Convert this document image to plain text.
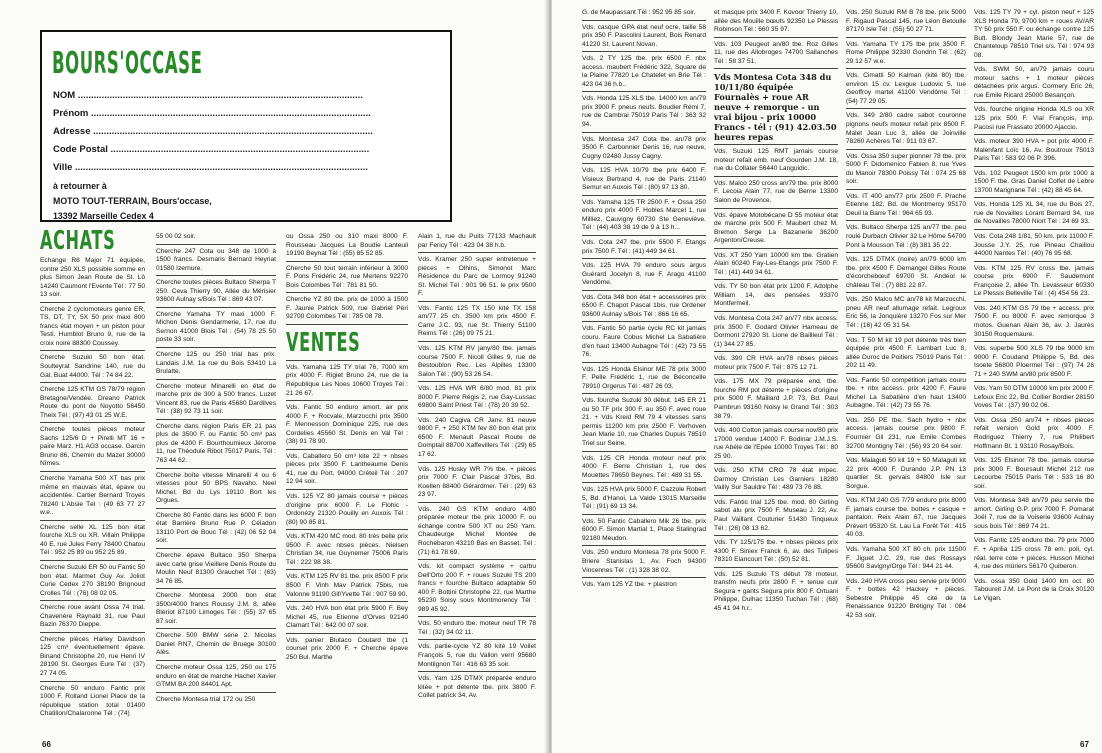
BOURS'OCCASE
NOM ............................................................................................................
Prénom ..........................................................................................................
Adresse ..........................................................................................................
Code Postal ..................................................................................................
Ville ...............................................................................................................
à retourner à
MOTO TOUT-TERRAIN, Bours'occase,
13392 Marseille Cedex 4
ACHATS
Echange R8 Major 71 équipée, contre 250 XLS possible somme en plus Simon Jean Route de St. Lô 14240 Caumont l'Evente Tél : 77 50 13 soir.
Cherche 2 cyclomoteurs genre ER, TS, DT, TY, 5X 50 prix maxi 800 francs état moyen + un piston pour Testi. Humblot Bruno 9, rue de la croix noire 88300 Coussey.
Cherche Suzuki 50 bon état. Soulteyrat Sandrine 140, rue du Gal. Buat 44000. Tél : 74 84 22.
Cherche 125 KTM GS 78/79 région Bretagne/Vendée. Dreano Patrick Route du pont de Noyotto 56450 Theix Tél : (97) 43 01 25 W.E.
Cherche toutes pièces moteur Sachs 125/6 D + Pirelli MT 16 + paire Marz. H1 AG3 occase. Garcin Bruno 86, Chemin du Mazet 30000 Nîmes.
Cherche Yamaha 500 XT bas prix même en mauvais état, épave ou accidentée. Cartier Bernard Troyes 78240 L'Absie Tél : (49 63 77 27 w.e..
Cherche selle XL 125 bon état fourche XLS ou XR. Villain Philippe 40 E, rue Jules Ferry 78400 Chatou Tél : 952 25 89 ou 952 25 89.
Cherche Suzuki ER 50 ou Fantic 50 bon état. Marmet Guy Av. Joliot Curie Cedex 270 38190 Brignoud Crolles Tél : (76) 08 02 05.
Cherche roue avant Ossa 74 trial. Chavenère Raynald 31, rue Paul Bazin 76370 Dieppe.
Cherche pièces Harley Davidson 125 cm³ éventuellement épave. Binand Christophe 20, rue Henri IV 28190 St. Georges Eure Tél : (37) 27 74 05.
Cherche 50 enduro Fantic prix 1000 F. Rolland Lionel Place de la république station total 01400 Chatillon/Chalaronne Tél : (74)
55 00 02 soir.
Cherche 247 Cota ou 348 de 1000 à 1500 francs. Desmaris Bernard Heyriat 01580 Izernure.
Cherche toutes pièces Bultaco Sherpa T 250. Ceva Thierry 90, Allée du Mérisier 93600 Aulnay s/Bois Tél : 869 43 07.
Cherche Yamaha TY maxi 1000 F. Michon Denis Gendarmerie, 17, rue du Sernon 41000 Blois Tél : (54) 78 25 50 poste 33 soir.
Cherche 125 ou 250 trial bas prix. Landais J.M. 1a rue du Bois 53410 La Brulatte.
Cherche moteur Minarelli en état de marche prix de 300 à 500 francs. Luzet Vincent 83, rue de Paris 45680 Dardilves Tél : (38) 92 73 11 soir.
Cherche dans région Paris ER 21 pas plus de 3500 F. ou Fantic 50 cm³ pas plus de 4200 F. Bourthoumieux Jérome 11, rue Théodule Ribot 75017 Paris. Tél : 763 44 62.
Cherche boîte vitesse Minarelli 4 ou 6 vitesses pour 50 BPS Navaho. Neel Michel, Bd du Lys 19110 Bort les Orgues.
Cherche 80 Fantic dans les 6000 F. bon état Barrière Bruno Rue P. Céladon 13110 Port de Bouc Tél : (42) 06 52 04 soir.
Cherche épave Bultaco 350 Sherpa avec carte grise Vieillere Denis Route du Moulin Neuf 81300 Grauchet Tél : (63) 34 76 85.
Cherche Montesa 2000 bon état 3500/4000 francs Roussy J.M. 8, allée Blériot 87100 Limoges Tél : (55) 37 65 87 soir.
Cherche 500 BMW série 2. Nicolas Daniel RN7, Chemin de Bruege 30100 Alès.
Cherche moteur Ossa 125, 250 ou 175 enduro en état de marche Hachet Xavier GTMM BA 200 84401 Apt.
Cherche Montesa trial 172 ou 250
ou Ossa 250 ou 310 maxi 8000 F. Rousseau Jacques La Boudie Lanteuil 19190 Beynat Tél : (55) 85 52 85.
Cherche 50 tout terrain inférieur à 3000 F. Pons Frédéric 24, rue Mertens 92270 Bois Colombes Tél : 781 81 50.
Cherche YZ 80 tbe. prix de 1000 à 1500 F. Jaunie Patrick 509, rue Gabriel Péri 92700 Colombes Tél : 785 08 78.
VENTES
Vds. Yamaha 125 TY trial 76, 7000 km prix 4000 F. Rigiet Bruno 24, rue de la République Les Noes 10600 Troyes Tél : 21 26 67.
Vds. Fantic 50 enduro amort. air prix 4000 F. + Rocvale, Marzocchi prix 3500 F. Mennesson Dominique 225, rue des Cordelies 45560 St. Denis en Val Tél : (38) 91 78 90.
Vds. Caballero 50 cm³ kite 22 + nbses pièces prix 3500 F. Lantheaume Denis 41, rue du Port, 94000 Créteil Tél : 207 12 94 soir.
Vds. 125 YZ 80 jamais course + pièces d'origine prix 6000 F. Le Flohic - Ordonézy 21320 Pouilly en Auxois Tél : (80) 90 85 81.
Vds. KTM 420 MC mod. 80 très belle prix 9500 F. avec nbses pièces. Nielsen Christian 34, rue Guynemer 75006 Paris Tél : 222 98 38.
Vds. KTM 125 RV 81 tbe. prix 8500 F prix 8500 F. Vinh Mav Patrick 75bis, rue Valonne 91190 Gif/Yvette Tél : 907 59 90.
Vds. 240 HVA bon état prix 5900 F. Bey Michel 45, rue Etienne d'Orves 92140 Clamart Tél : 642 00 07 soir.
Vds. panier Blutaco Coutard tbe (1 coursel prix 2000 F. + Cherche épave 250 Bul. Marthe
Alain 1, rue du Puits 77133 Machault par Fericy Tél : 423 04 38 h.b.
Vds. Kramer 250 super entretenue + pièces + Olhins, Simonot Marc Résidence du Parc de Lormoy 91240 St. Michel Tél : 901 96 51. le prix 9500 F.
Vds. Fantic 125 TX 150 kité TX 158 am/77 25 ch. 3500 km prix 4500 F. Carre J.C. 93, rue St. Thierry 51100 Reims Tél : (26) 09 75 21.
Vds. 125 KTM RV jany/80 tbe. jamais course 7500 F. Nicoll Gilles 9, rue de Bestoublon Rec. Les Alpilles 13300 Salon Tél : (90) 53 26 54.
Vds. 125 HVA WR 6/80 mod. 81 prix 8000 F. Pierre Régis 2, rue Gay-Lussac 69800 Saint Priest Tél : (78) 20 39 52.
Vds. 240 Cagiva CR Janv. 81 neuve 9800 F. + 250 KTM fev 80 bon état prix 6500 F. Menault Pascal Route de Domptail 88700 Xaffevillers Tél : (29) 65 17 62.
Vds. 125 Husky WR 7% tbe. + pièces prix 7000 F. Clair Pascal 37bis, Bd. Koellen 88400 Gérardmer. Tél : (29) 63 23 97.
Vds. 240 GS KTM enduro 4/80 préparée moteur tbe prix 10000 F. ou échange contre 500 XT ou 250 Yam. Chaudeurge Michel Montée de Rochebaron 43210 Bas en Basset. Tél : (71) 61 78 69.
Vds. kit compact système + carbu Dell'Orto 200 F. + roues Suzuki TS 200 francs + fourche Bultaco adaptable 50 400 F. Bottini Christophe 22, rue Marthe 95230 Soisy sous Montmorency Tél : 989 45 92.
Vds. 50 enduro tbe. moteur neuf TR 78 Tél : (32) 34 02 11.
Vds. partie-cycle YZ 80 kité 19 Voilet François 5, rue du Vallon verri 95680 Montlignon Tél : 416 63 35 soir.
Vds. Yam 125 DTMX préparée enduro kitée + pot détente tbe. prix 3800 F. Collet patrick 34, Av.
66
G. de Maupassant Tél : 952 95 85 soir.
Vds. casque GPA état neuf ocre, taille 58 prix 350 F. Pascolini Laurent, Bois Renard 41220 St. Laurent Novan.
Vds. 2 TY 125 tbe. prix 6500 F. nbx access. maubert Frédéric 322, Square de la Plaine 77820 Le Chatelet en Brie Tél : 423 04 36 h.b..
Vds. Honda 125 XLS tbe. 14000 km an/79 prix 3900 F. pneus neufs. Boudier Rémi 7, rue de Cambrai 75019 Paris Tél : 363 32 94.
Vds. Montesa 247 Cota tbe. an/78 prix 3500 F. Carbonnier Denis 16, rue neuve, Cugny 02480 Jussy Cagny.
Vds. 125 HVA 10/79 tbe prix 6400 F. Visieux Bertrand 4, rue de Paris 21140 Semur en Auxois Tél : (80) 97 13 80.
Vds. Yamaha 125 TR 2500 F. + Ossa 250 enduro prix 4000 F. Hobles Marcel 1, rue Milliez, Cauvigny 60730 Ste Geneviève. Tél : (44) 403 38 19 de 9 à 13 h...
Vds. Cota 247 tbe. prix 5500 F. Etangs prix 7500 F. Tél : (41) 449 34 61.
Vds. 125 HVA 79 enduro sous argus Guérard Jocelyn 8, rue F. Arago 41100 Vendôme.
Vds. Cota 348 bon état + accessoires prix 6500 F. Chapot Pascal 1bis, rue Ordener 93600 Aulnay s/Bois Tél : 866 16 65.
Vds. Fantic 50 partie cycle RC kit jamais couru. Faure Cobus Michel La Sabatière d'en haut 13400 Aubagne Tél : (42) 73 55 76.
Vds. 125 Honda Elsinor ME 78 prix 3000 F. Pelle Frédéric 1, rue de Béconcelle 78910 Orgerus Tél : 487 26 03.
Vds. fourche Suzuki 30 début. 145 ER 21 ou 50 TF prix 300 F. au 350 F. avec roue 21. + Vds Kreid RM 79 4 vitesses sans permis 11200 km prix 2500 F. Verhoven Jean Marie 10, rue Charles Dupuis 78510 Triel sur Seine.
Vds. 125 CR Honda moteur neuf prix 4000 F. Berre Christian 1, rue des Mouettes 78650 Beynes. Tél : 489 31 55.
Vds. 125 HVA prix 5000 F. Cazzole Robert 5, Bd. d'Hanoi, La Valde 13015 Marseille Tél : (91) 69 13 34.
Vds. 50 Fantic Caballero Mik 26 tbe. prix 6000 F. Simon Martial 1, Place Stalingrad 92180 Meudon.
Vds. 250 enduro Montesa 78 prix 5000 F. Briere Stanislas 1, Av. Foch 94300 Vincennes Tél : (1) 328 38 02.
Vds. Yam 125 YZ tbe. + plastron
et masque prix 3400 F. Kovoor Thierry 10, allée des Mouille bœufs 92350 Le Plessis Robinson Tél : 660 35 97.
Vds. 103 Peugeot an/80 tbe. Roz Gilles 11, rue des Allobroges 74700 Sallanches Tél : 58 37 51.
Vds Montesa Cota 348 du 10/11/80 équipée Fournalès + roue AR neuve + remorque - un vrai bijou - prix 10000 Francs - tél : (91) 42.03.50 heures repas
Vds. Suzuki 125 RMT jamais course moteur refait emb. neuf Gourden J.M. 18, rue du Collater 56440 Languidic.
Vds. Malco 250 cross an/79 tbe. prix 8000 F. Lecoia Alain 77, rue de Berne 13300 Salon de Provence.
Vds. épave Motobécane D 55 moteur état de marche prix 500 F. Maubert chez M. Bremon Serge La Bazanerie 36200 Argenton/Creuse.
Vds. XT 250 Yam 10000 km tbe. Gratien Alain 60240 Fay-Les-Etangs prix 7500 F. Tél : (41) 449 34 61.
Vds. TY 50 bon état prix 1200 F. Adolphe William 14, des pensées 93370 Montfermeil.
Vds. Montesa Cota 247 an/77 nbx access. prix 3500 F. Godard Olivier Hameau de Dormont 27920 St. Lione de Baillleul Tél : (1) 344 27 85.
Vds. 390 CR HVA an/78 nbses pièces moteur prix 7500 F. Tél : 875 12 71.
Vds. 175 MX 79 préparée end. tbe. fourche RM pot détente + pièces d'origine prix 5000 F. Maillard J.P. 73, Bd. Paul Pambrun 93160 Noisy le Grand Tél : 303 38 79.
Vds. 400 Cotton jamais course nov/80 prix 17000 vendue 14000 F. Bodinar J.M.J.S. rue Abéle de l'Epée 10000 Troyes Tél : 80 25 90.
Vds. 250 KTM CRO 78 état impec. Darmoy Christian Les Garniers 18280 Vailly Sur Sauldre Tél : 489 73 76 88.
Vds. Fantic trial 125 tbe. mod. 80 Girling sabot alu prix 7500 F. Museau J. 22, Av. Paul Vaillant Couturier 51430 Tinqueux Tél : (26) 08 13 62.
Vds. TY 125/175 tbe. + nbses pièces prix 4300 F. Siniex Franck 6, av. des Tulipes 78310 Elancourt Tél : (50) 52 81.
Vds. 125 Suzuki TS début 78 moteur, transfm neufs prix 2800 F. + tenue cuir Segura + gants Segura prix 800 F. Ortuani Philippe, Dulhac 11350 Tuchan Tél : (68) 45 41 94 h.r..
Vds. 250 Suzuki RM B 78 tbe. prix 5000 F. Rigaud Pascal 145, rue Léon Betoulle 87170 Isle Tél : (55) 50 27 71.
Vds. Yamaha TY 175 tbe prix 3500 F. Rome Philippe 32330 Gondrin Tél : (62) 29 12 57 w.e.
Vds. Cimatti 50 Kalman (kité 80) tbe. environ 15 cv. Lexgue Ludovic 5, rue Geoffroy martel 41100 Vendôme Tél : (54) 77 29 05.
Vds. 349 2/80 cadre sabot couronne pignons neufs moteur refait prix 8500 F. Malet Jean Luc 3, allée de Joinville 78260 Achères Tél : 911 03 67.
Vds. Ossa 350 super pionner 78 tbe. prix 5000 F. Didomenico Fabien 8, rue Yves du Manoir 78300 Poissy Tél : 074 25 68 soir.
Vds. IT 400 am/77 prix 2500 F. Prache Etienne 182, Bd. de Montmercy 95170 Deuil la Barre Tél : 964 65 93.
Vds. Bultaco Sherpa 125 an/77 tbe. peu roulé Durbach Olivier 32 Le Hôme 54700 Pont à Mousson Tél : (8) 381 35 22.
Vds. 125 DTMX (noire) an/79 6000 km tbe. prix 4500 F. Demangel Gilles Route d'écorchebœuf 69700 St. Andéol le château Tél : (7) 881 22 87.
Vds. 250 Malco MC an/78 kit Marzocchi, pneu AR neuf allumage refait. Legroux Eric 56, la Jonquière 13270 Fos sur Mer Tél : (16) 42 05 31 54.
Vds. T 50 M kit 19 pot détente très bien équipée prix 4500 F. Lambart Luc 8, allée Duroc de Poitiers 75019 Paris Tél : 202 11 49.
Vds. Fantic 50 compétition jamais couru tbe. + nbx access. prix 4200 F. Faure Michel La Sabatière d'en haut 13400 Aubagne. Tél : (42) 73 55 76.
Vds. 250 PE tbe. Sach hydro + nbx access. jamais course prix 9800 F. Fournier Gil 231, rue Emile Combes 32700 Montigny Tél : (56) 93 20 64 soir.
Vds. Malaguti 50 kit 19 + 50 Malaguti kit 22 prix 4000 F. Durando J.P. PN 13 quartier St. gervais 84800 Isle sur Sorgue.
Vds. KTM 240 GS 7/79 enduro prix 8000 F. jamais course tbe. bottes + casque + pantalon. Reix Alain 67, rue Jacques Prévert 95320 St. Lau La Forêt Tél : 415 40 03.
Vds. Yamaha 500 XT 80 ch. prix 11500 F. Jiguet J.C. 29, rue des Rossays 95600 Savigny/Orge Tél : 944 21 44.
Vds. 240 HVA cross peu servie prix 9000 F. + bottes 42 Hackey + pièces. Sebestre Philippe 45 cité de la Renaissance 91220 Brétigny Tél : 084 42 53 soir.
Vds. 125 TY 79 + cyl. piston neuf + 125 XLS Honda 79, 9700 km + roues AV/AR TY 50 prix 550 F. ou échange contre 125 Bult. Blondy Jean Marie 57, rue de Chanteloup 78510 Triel s/s. Tél : 974 93 08.
Vds. SWM 50, an/79 jamais couru moteur sachs + 1 moteur pièces détachées prix argus. Cormery Eric 26, rue Emile Ricard 25000 Besançon.
Vds. fourche origine Honda XLS ou XR 125 prix 500 F. Vial François, imp. Pacosi rue Frassato 20000 Ajaccio.
Vds. moteur 390 HVA + pot prix 4000 F. Malenfant Loïc 16, Av. Boutroux 75013 Paris Tél : 583 92 06 P. 396.
Vds. 102 Peugeot 1500 km prix 1000 à 1500 F. tbe. Gras Daniel Colfet de Lebre 13700 Marignane Tél : (42) 88 45 64.
Vds. Honda 125 XL 34, rue du Bois 27, rue de Novailles Lorant Bernard 34, rue de Novailles 78000 Niort Tél : 24 69 33.
Vds. Cota 248 1/81, 50 km. prix 11000 F. Jousse J.Y. 25, rue Pineau Chaillou 44000 Nantes Tél : (40) 76 95 68.
Vds. KTM 125 RV cross tbe. jamais course prix 6900 F. Saudemont Françoise 2, allée Th. Levasseur 60330 Le Plessis Belleville Tél : (4) 454 56 23.
Vds. 240 KTM GS 79 tbe + access. prix 7500 F. ou 8000 F. avec remorque 3 motos. Guenan Alain 36, av. J. Jaurès 30150 Roquemaure.
Vds. superbe 500 XLS 79 tbe 9000 km 9000 F. Coudand Philippe 5, Bd. des Isoete 56800 Ploermel Tél : (97) 74 26 71 + 240 SWM an/80 prix 8500 F.
Vds. Yam 50 DTM 10000 km prix 2000 F. Lefoux Eric 22, Bd. Collier Bordier 28150 Voves Tél : (37) 99 02 06.
Vds. Ossa 250 an/74 + nbses pièces refait version Gold prix 4000 F. Rodriguez Thierry 7, rue Philibert Hoffmann Bt. 1 93110 Rosay/Bois.
Vds. 125 Elsinor 78 tbe. jamais course prix 3000 F. Boursault Michel 212 rue Lecourbe 75015 Paris Tél : 533 16 80 soir.
Vds. Montesa 348 an/79 peu servie tbe amort. Girling G.P. prix 7000 F. Pomarat Joël 7, rue de la Voiserie 93600 Aulnay sous bois Tél : 869 74 21.
Vds. Fantic 125 enduro tbe. 79 prix 7000 F. + Aprilia 125 cross 78 em. poli, cyl. réal. terre cote + pièces. Husson Michel 4, rue des mûriers 56170 Quiberon.
Vds. ossa 350 Gold 1400 km oct. 80 Taboureit J.M. Le Pont de la Croix 30120 Le Vigan.
67
